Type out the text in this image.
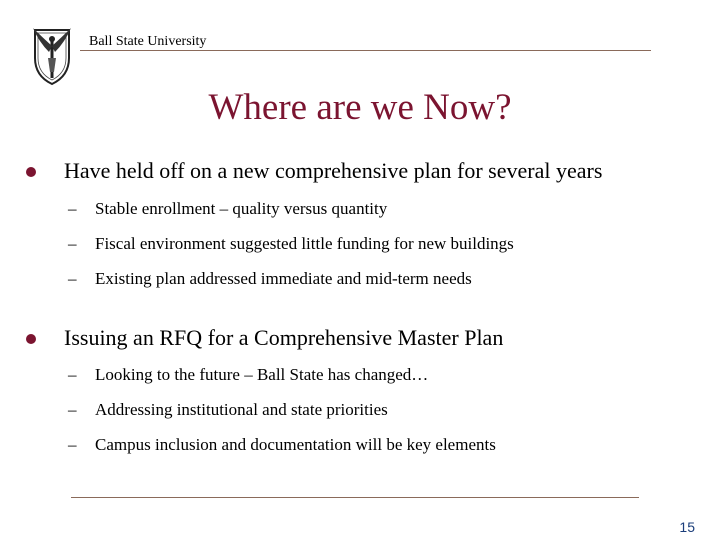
Ball State University
Where are we Now?
Have held off on a new comprehensive plan for several years
– Stable enrollment – quality versus quantity
– Fiscal environment suggested little funding for new buildings
– Existing plan addressed immediate and mid-term needs
Issuing an RFQ for a Comprehensive Master Plan
– Looking to the future – Ball State has changed…
– Addressing institutional and state priorities
– Campus inclusion and documentation will be key elements
15
